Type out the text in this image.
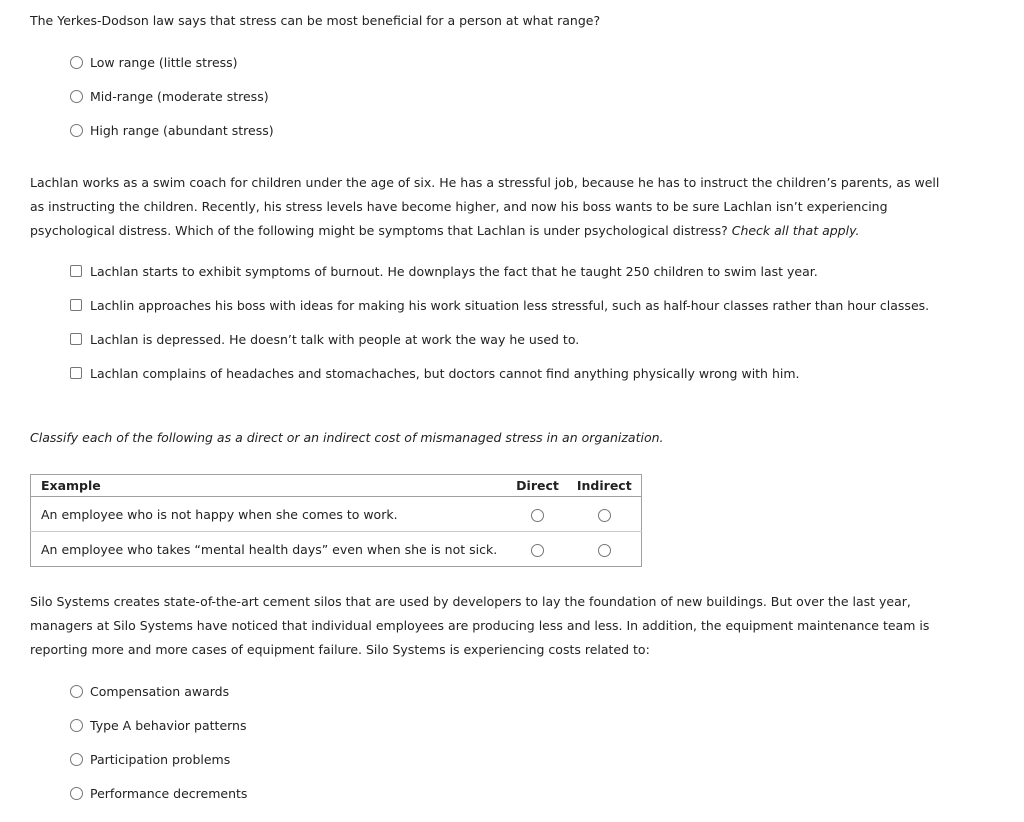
The Yerkes-Dodson law says that stress can be most beneficial for a person at what range?

Low range (little stress)
Mid-range (moderate stress)
High range (abundant stress)

Lachlan works as a swim coach for children under the age of six. He has a stressful job, because he has to instruct the children’s parents, as well as instructing the children. Recently, his stress levels have become higher, and now his boss wants to be sure Lachlan isn’t experiencing psychological distress. Which of the following might be symptoms that Lachlan is under psychological distress? Check all that apply.

Lachlan starts to exhibit symptoms of burnout. He downplays the fact that he taught 250 children to swim last year.
Lachlin approaches his boss with ideas for making his work situation less stressful, such as half-hour classes rather than hour classes.
Lachlan is depressed. He doesn’t talk with people at work the way he used to.
Lachlan complains of headaches and stomachaches, but doctors cannot find anything physically wrong with him.

Classify each of the following as a direct or an indirect cost of mismanaged stress in an organization.

Example	Direct	Indirect
An employee who is not happy when she comes to work.		
An employee who takes “mental health days” even when she is not sick.		

Silo Systems creates state-of-the-art cement silos that are used by developers to lay the foundation of new buildings. But over the last year, managers at Silo Systems have noticed that individual employees are producing less and less. In addition, the equipment maintenance team is reporting more and more cases of equipment failure. Silo Systems is experiencing costs related to:

Compensation awards
Type A behavior patterns
Participation problems
Performance decrements
